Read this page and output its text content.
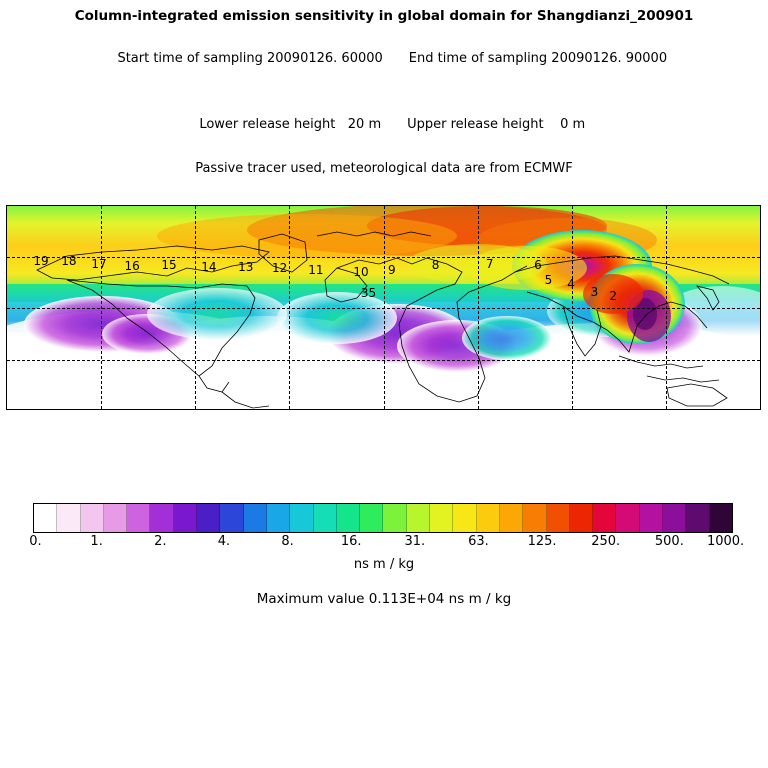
Column-integrated emission sensitivity in global domain for Shangdianzi_200901

Start time of sampling 20090126. 60000 End time of sampling 20090126. 90000

Lower release height   20 m Upper release height    0 m

Passive tracer used, meteorological data are from ECMWF
19 18 17 16 15 14 13 12 11 10 9	8	7	6
5 4
3 2
35
0.	1.	2.	4.	8.	16.	31.	63.	125.	250.	500. 1000.
ns m / kg
Maximum value 0.113E+04 ns m / kg
